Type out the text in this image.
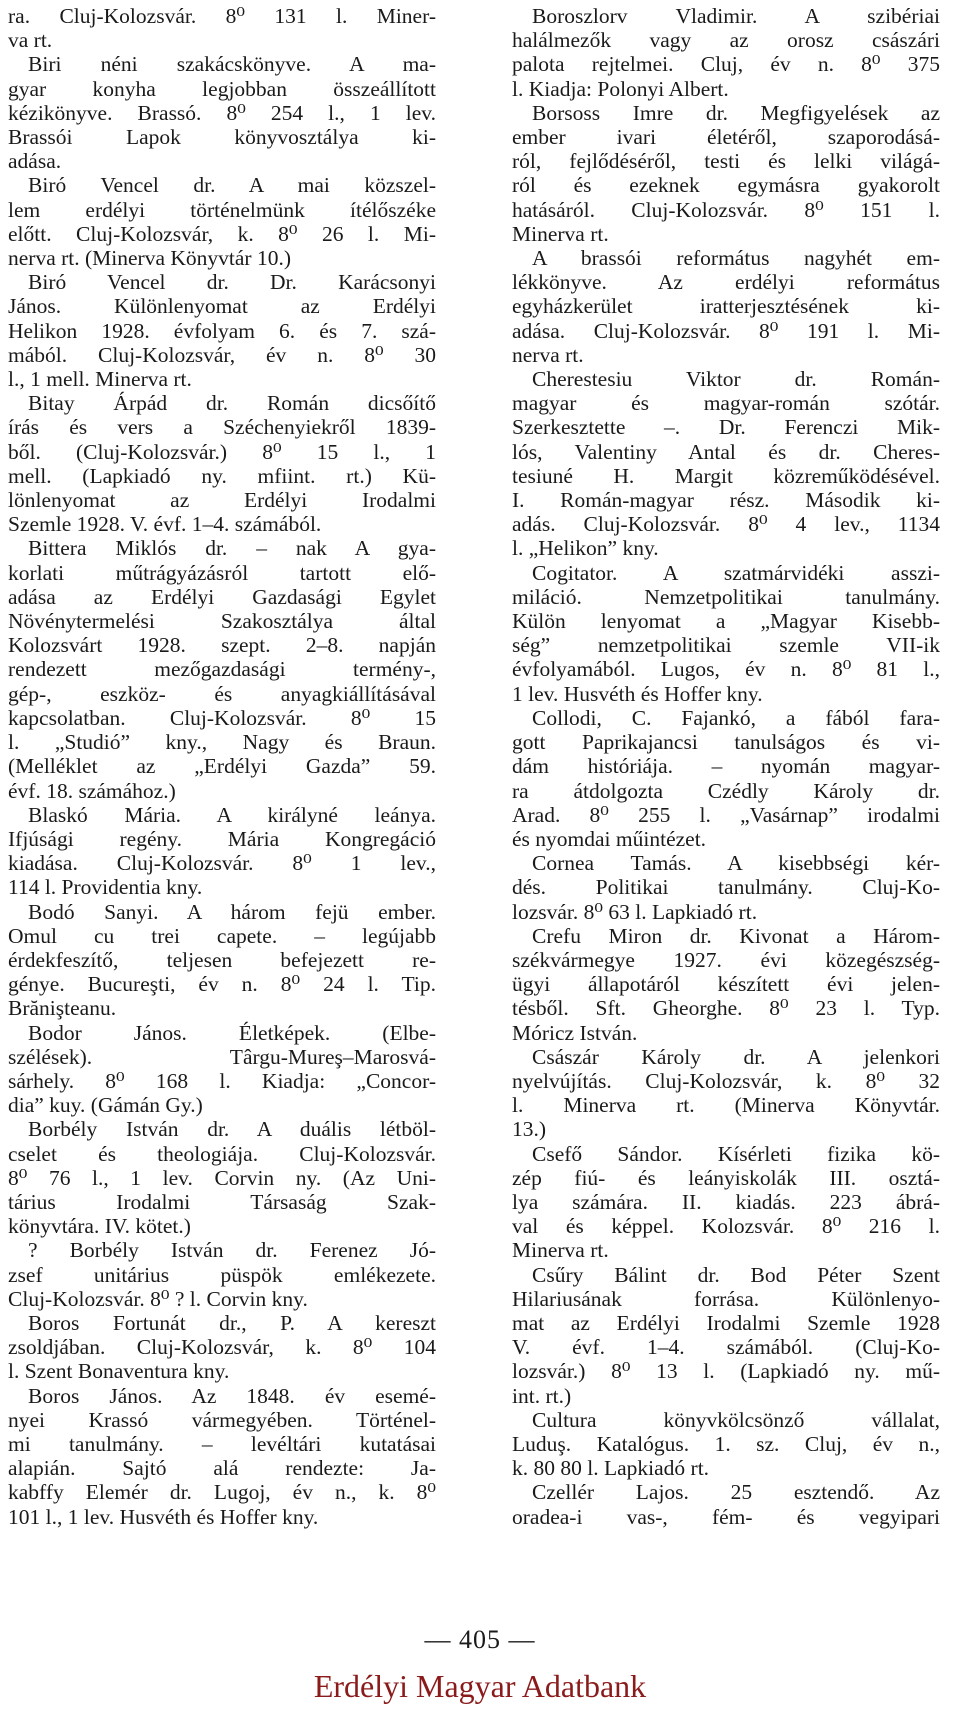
ra. Cluj-Kolozsvár. 8⁰ 131 l. Miner-
va rt.
Biri néni szakácskönyve. A ma-
gyar konyha legjobban összeállított
kézikönyve. Brassó. 8⁰ 254 l., 1 lev.
Brassói Lapok könyvosztálya ki-
adása.
Biró Vencel dr. A mai közszel-
lem erdélyi történelmünk ítélőszéke
előtt. Cluj-Kolozsvár, k. 8⁰ 26 l. Mi-
nerva rt. (Minerva Könyvtár 10.)
Biró Vencel dr. Dr. Karácsonyi
János. Különlenyomat az Erdélyi
Helikon 1928. évfolyam 6. és 7. szá-
mából. Cluj-Kolozsvár, év n. 8⁰ 30
l., 1 mell. Minerva rt.
Bitay Árpád dr. Román dicsőítő
írás és vers a Széchenyiekről 1839-
ből. (Cluj-Kolozsvár.) 8⁰ 15 l., 1
mell. (Lapkiadó ny. mfiint. rt.) Kü-
lönlenyomat az Erdélyi Irodalmi
Szemle 1928. V. évf. 1–4. számából.
Bittera Miklós dr. – nak A gya-
korlati műtrágyázásról tartott elő-
adása az Erdélyi Gazdasági Egylet
Növénytermelési Szakosztálya által
Kolozsvárt 1928. szept. 2–8. napján
rendezett mezőgazdasági termény-,
gép-, eszköz- és anyagkiállításával
kapcsolatban. Cluj-Kolozsvár. 8⁰ 15
l. „Studió” kny., Nagy és Braun.
(Melléklet az „Erdélyi Gazda” 59.
évf. 18. számához.)
Blaskó Mária. A királyné leánya.
Ifjúsági regény. Mária Kongregáció
kiadása. Cluj-Kolozsvár. 8⁰ 1 lev.,
114 l. Providentia kny.
Bodó Sanyi. A három fejü ember.
Omul cu trei capete. – legújabb
érdekfeszítő, teljesen befejezett re-
génye. Bucureşti, év n. 8⁰ 24 l. Tip.
Brăniştеanu.
Bodor János. Életképek. (Elbe-
szélések). Târgu-Mureş–Marosvá-
sárhely. 8⁰ 168 l. Kiadja: „Concor-
dia” kuy. (Gámán Gy.)
Borbély István dr. A duális létböl-
cselet és theologiája. Cluj-Kolozsvár.
8⁰ 76 l., 1 lev. Corvin ny. (Az Uni-
tárius Irodalmi Társaság Szak-
könyvtára. IV. kötet.)
? Borbély István dr. Ferenez Jó-
zsef unitárius püspök emlékezete.
Cluj-Kolozsvár. 8⁰ ? l. Corvin kny.
Boros Fortunát dr., P. A kereszt
zsoldjában. Cluj-Kolozsvár, k. 8⁰ 104
l. Szent Bonaventura kny.
Boros János. Az 1848. év esemé-
nyei Krassó vármegyében. Történel-
mi tanulmány. – levéltári kutatásai
alapián. Sajtó alá rendezte: Ja-
kabffy Elemér dr. Lugoj, év n., k. 8⁰
101 l., 1 lev. Husvéth és Hoffer kny.
Boroszlorv Vladimir. A szibériai
halálmezők vagy az orosz császári
palota rejtelmei. Cluj, év n. 8⁰ 375
l. Kiadja: Polonyi Albert.
Borsoss Imre dr. Megfigyelések az
ember ivari életéről, szaporodásá-
ról, fejlődéséről, testi és lelki világá-
ról és ezeknek egymásra gyakorolt
hatásáról. Cluj-Kolozsvár. 8⁰ 151 l.
Minerva rt.
A brassói református nagyhét em-
lékkönyve. Az erdélyi református
egyházkerület iratterjesztésének ki-
adása. Cluj-Kolozsvár. 8⁰ 191 l. Mi-
nerva rt.
Cherestesiu Viktor dr. Román-
magyar és magyar-román szótár.
Szerkesztette –. Dr. Ferenczi Mik-
lós, Valentiny Antal és dr. Cheres-
tesiuné H. Margit közreműködésével.
I. Román-magyar rész. Második ki-
adás. Cluj-Kolozsvár. 8⁰ 4 lev., 1134
l. „Helikon” kny.
Cogitator. A szatmárvidéki asszi-
miláció. Nemzetpolitikai tanulmány.
Külön lenyomat a „Magyar Kisebb-
ség” nemzetpolitikai szemle VII-ik
évfolyamából. Lugos, év n. 8⁰ 81 l.,
1 lev. Husvéth és Hoffer kny.
Collodi, C. Fajankó, a fából fara-
gott Paprikajancsi tanulságos és vi-
dám históriája. – nyomán magyar-
ra átdolgozta Czédly Károly dr.
Arad. 8⁰ 255 l. „Vasárnap” irodalmi
és nyomdai műintézet.
Cornea Tamás. A kisebbségi kér-
dés. Politikai tanulmány. Cluj-Ko-
lozsvár. 8⁰ 63 l. Lapkiadó rt.
Crefu Miron dr. Kivonat a Három-
székvármegye 1927. évi közegészség-
ügyi állapotáról készített évi jelen-
tésből. Sft. Gheorghe. 8⁰ 23 l. Typ.
Móricz István.
Császár Károly dr. A jelenkori
nyelvújítás. Cluj-Kolozsvár, k. 8⁰ 32
l. Minerva rt. (Minerva Könyvtár.
13.)
Csefő Sándor. Kísérleti fizika kö-
zép fiú- és leányiskolák III. osztá-
lya számára. II. kiadás. 223 ábrá-
val és képpel. Kolozsvár. 8⁰ 216 l.
Minerva rt.
Csűry Bálint dr. Bod Péter Szent
Hilariusának forrása. Különlenyo-
mat az Erdélyi Irodalmi Szemle 1928
V. évf. 1–4. számából. (Cluj-Ko-
lozsvár.) 8⁰ 13 l. (Lapkiadó ny. mű-
int. rt.)
Cultura könyvkölcsönző vállalat,
Luduş. Katalógus. 1. sz. Cluj, év n.,
k. 80 80 l. Lapkiadó rt.
Czellér Lajos. 25 esztendő. Az
oradea-i vas-, fém- és vegyipari
— 405 —
Erdélyi Magyar Adatbank
